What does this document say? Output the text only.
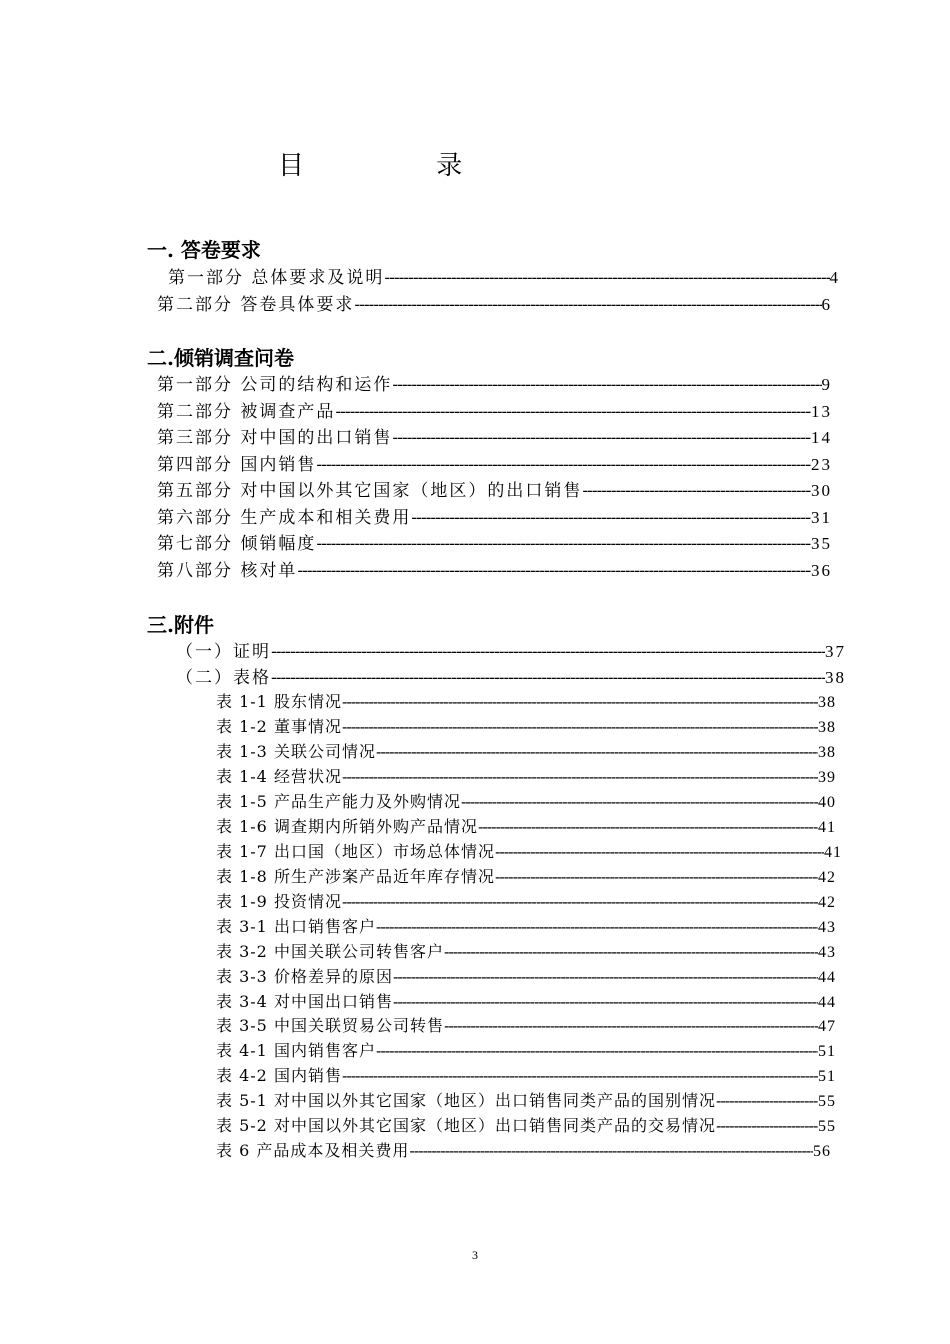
目 录
一. 答卷要求
第一部分 总体要求及说明 -----	4
第二部分 答卷具体要求 -----	6
二.倾销调查问卷
第一部分 公司的结构和运作 -----	9
第二部分 被调查产品 -----	13
第三部分 对中国的出口销售 -----	14
第四部分 国内销售 -----	23
第五部分 对中国以外其它国家（地区）的出口销售 -----	30
第六部分 生产成本和相关费用 -----	31
第七部分 倾销幅度 -----	35
第八部分 核对单 -----	36
三.附件
（一）证明 -----	37
（二）表格 -----	38
表 1-1 股东情况 -----	38
表 1-2 董事情况 -----	38
表 1-3 关联公司情况 -----	38
表 1-4 经营状况 -----	39
表 1-5 产品生产能力及外购情况 -----	40
表 1-6 调查期内所销外购产品情况 -----	41
表 1-7 出口国（地区）市场总体情况 -----	41
表 1-8 所生产涉案产品近年库存情况 -----	42
表 1-9 投资情况 -----	42
表 3-1 出口销售客户 -----	43
表 3-2 中国关联公司转售客户 -----	43
表 3-3 价格差异的原因 -----	44
表 3-4 对中国出口销售 -----	44
表 3-5 中国关联贸易公司转售 -----	47
表 4-1 国内销售客户 -----	51
表 4-2 国内销售 -----	51
表 5-1 对中国以外其它国家（地区）出口销售同类产品的国别情况 -----	55
表 5-2 对中国以外其它国家（地区）出口销售同类产品的交易情况 -----	55
表 6 产品成本及相关费用 -----	56
3
